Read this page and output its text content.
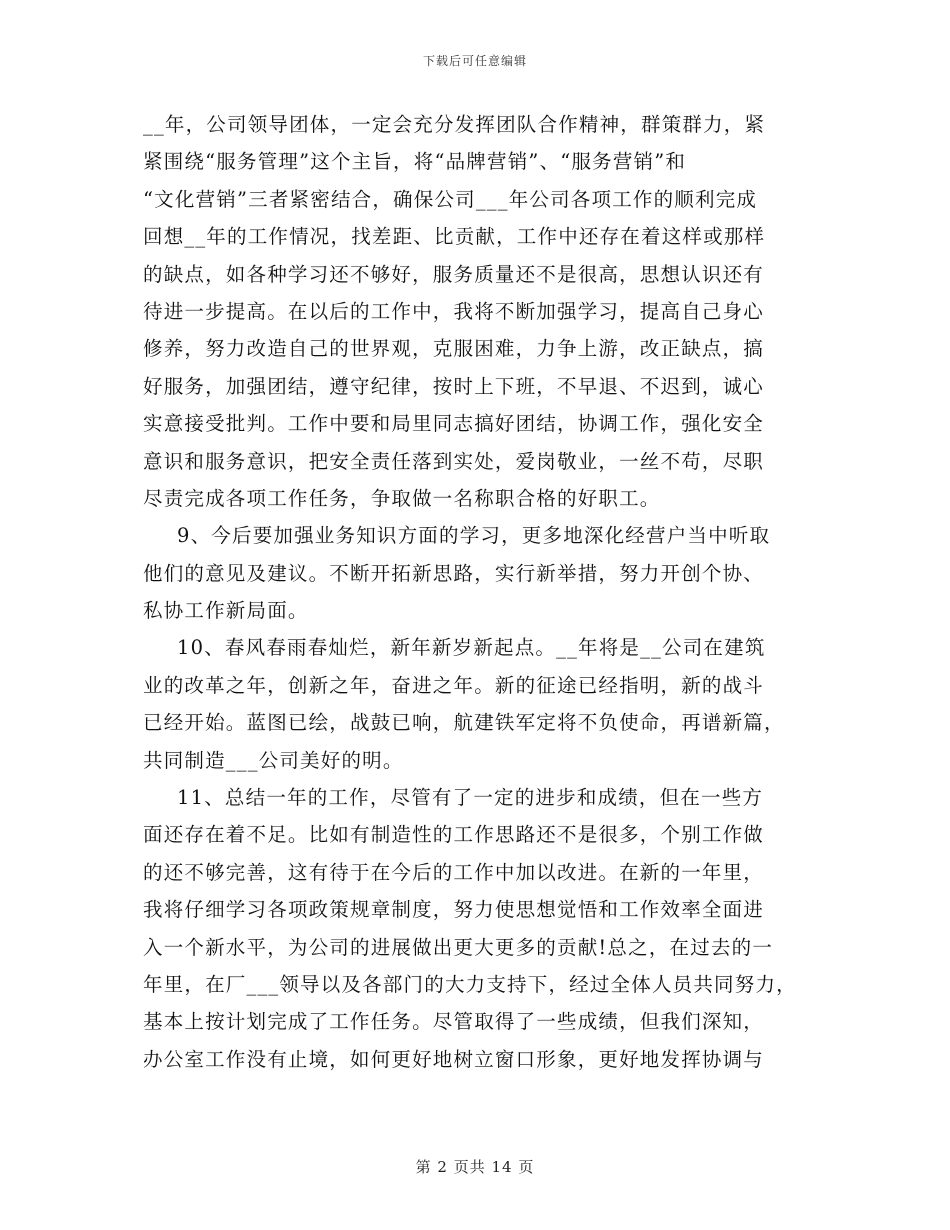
下载后可任意编辑
__年，公司领导团体，一定会充分发挥团队合作精神，群策群力，紧
紧围绕“服务管理”这个主旨，将“品牌营销”、“服务营销”和
“文化营销”三者紧密结合，确保公司___年公司各项工作的顺利完成
回想__年的工作情况，找差距、比贡献，工作中还存在着这样或那样
的缺点，如各种学习还不够好，服务质量还不是很高，思想认识还有
待进一步提高。在以后的工作中，我将不断加强学习，提高自己身心
修养，努力改造自己的世界观，克服困难，力争上游，改正缺点，搞
好服务，加强团结，遵守纪律，按时上下班，不早退、不迟到，诚心
实意接受批判。工作中要和局里同志搞好团结，协调工作，强化安全
意识和服务意识，把安全责任落到实处，爱岗敬业，一丝不苟，尽职
尽责完成各项工作任务，争取做一名称职合格的好职工。
9、今后要加强业务知识方面的学习，更多地深化经营户当中听取
他们的意见及建议。不断开拓新思路，实行新举措，努力开创个协、
私协工作新局面。
10、春风春雨春灿烂，新年新岁新起点。__年将是__公司在建筑
业的改革之年，创新之年，奋进之年。新的征途已经指明，新的战斗
已经开始。蓝图已绘，战鼓已响，航建铁军定将不负使命，再谱新篇，
共同制造___公司美好的明。
11、总结一年的工作，尽管有了一定的进步和成绩，但在一些方
面还存在着不足。比如有制造性的工作思路还不是很多，个别工作做
的还不够完善，这有待于在今后的工作中加以改进。在新的一年里，
我将仔细学习各项政策规章制度，努力使思想觉悟和工作效率全面进
入一个新水平，为公司的进展做出更大更多的贡献!总之，在过去的一
年里，在厂___领导以及各部门的大力支持下，经过全体人员共同努力，
基本上按计划完成了工作任务。尽管取得了一些成绩，但我们深知，
办公室工作没有止境，如何更好地树立窗口形象，更好地发挥协调与
第 2 页共 14 页
